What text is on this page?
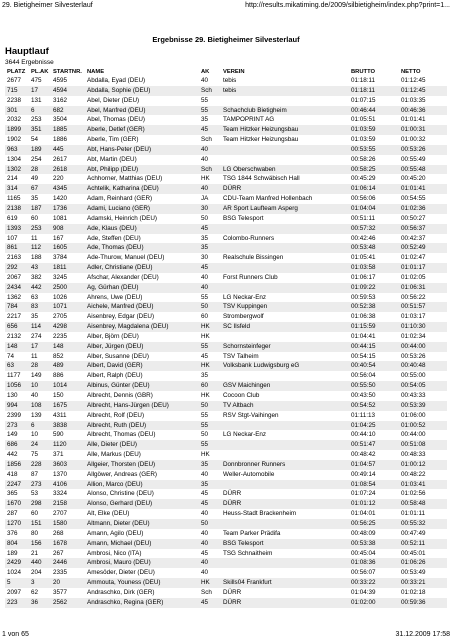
29. Bietigheimer Silvesterlauf	http://results.mikatiming.de/2009/silbietigheim/index.php?print=1...
Ergebnisse 29. Bietigheimer Silvesterlauf
Hauptlauf
3644 Ergebnisse
PLATZ	PL.AK	STARTNR.	NAME	AK	VEREIN	BRUTTO	NETTO
2677	475	4595	Abdalla, Eyad (DEU)	40	tebis	01:18:11	01:12:45
715	17	4594	Abdalla, Sophie (DEU)	Sch	tebis	01:18:11	01:12:45
2238	131	3162	Abel, Dieter (DEU)	55		01:07:15	01:03:35
301	6	682	Abel, Manfred (DEU)	55	Schachclub Bietigheim	00:46:44	00:46:36
2032	253	3504	Abel, Thomas (DEU)	35	TAMPOPRINT AG	01:05:51	01:01:41
1899	351	1885	Aberle, Detlef (GER)	45	Team Hitzker Heizungsbau	01:03:59	01:00:31
1902	54	1886	Aberle, Tim (GER)	Sch	Team Hitzker Heizungsbau	01:03:59	01:00:32
963	189	445	Abt, Hans-Peter (DEU)	40		00:53:55	00:53:26
1304	254	2617	Abt, Martin (DEU)	40		00:58:26	00:55:49
1302	28	2618	Abt, Philipp (DEU)	Sch	LG Oberschwaben	00:58:25	00:55:48
214	49	220	Achhorner, Matthias (DEU)	HK	TSG 1844 Schwäbisch Hall	00:45:29	00:45:20
314	67	4345	Achtelik, Katharina (DEU)	40	DÜRR	01:06:14	01:01:41
1165	35	1420	Adam, Reinhard (GER)	JA	CDU-Team Manfred Hollenbach	00:56:06	00:54:55
2138	187	1736	Adami, Luciano (GER)	30	AR Sport Laufteam Asperg	01:04:04	01:02:36
619	60	1081	Adamski, Heinrich (DEU)	50	BSG Telesport	00:51:11	00:50:27
1393	253	908	Ade, Klaus (DEU)	45		00:57:32	00:56:37
107	11	167	Ade, Steffen (DEU)	35	Colombo-Runners	00:42:46	00:42:37
861	112	1605	Ade, Thomas (DEU)	35		00:53:48	00:52:49
2163	188	3784	Ade-Thurow, Manuel (DEU)	30	Realschule Bissingen	01:05:41	01:02:47
292	43	1811	Adler, Christiane (DEU)	45		01:03:58	01:01:17
2067	382	3245	Afschar, Alexander (DEU)	40	Forst Runners Club	01:06:17	01:02:05
2434	442	2500	Ag, Gürhan (DEU)	40		01:09:22	01:06:31
1362	63	1026	Ahrens, Uwe (DEU)	55	LG Neckar-Enz	00:59:53	00:56:22
784	83	1071	Aichele, Manfred (DEU)	50	TSV Kuppingen	00:52:38	00:51:57
2217	35	2705	Aisenbrey, Edgar (DEU)	60	Strombergwolf	01:06:38	01:03:17
656	114	4298	Aisenbrey, Magdalena (DEU)	HK	SC Ilsfeld	01:15:59	01:10:30
2132	274	2235	Alber, Björn (DEU)	HK		01:04:41	01:02:34
148	17	148	Alber, Jürgen (DEU)	55	Schornsteinfeger	00:44:15	00:44:00
74	11	852	Alber, Susanne (DEU)	45	TSV Talheim	00:54:15	00:53:26
63	28	489	Albert, David (GER)	HK	Volksbank Ludwigsburg eG	00:40:54	00:40:48
1177	149	886	Albert, Ralph (DEU)	35		00:56:04	00:55:00
1056	10	1014	Albinus, Günter (DEU)	60	GSV Maichingen	00:55:50	00:54:05
130	40	150	Albrecht, Dennis (GBR)	HK	Cocoon Club	00:43:50	00:43:33
994	108	1675	Albrecht, Hans-Jürgen (DEU)	50	TV Altbach	00:54:52	00:53:39
2399	139	4311	Albrecht, Rolf (DEU)	55	RSV Stgt-Vaihingen	01:11:13	01:06:00
273	6	3838	Albrecht, Ruth (DEU)	55		01:04:25	01:00:52
149	10	590	Albrecht, Thomas (DEU)	50	LG Neckar-Enz	00:44:10	00:44:00
686	24	1120	Alle, Dieter (DEU)	55		00:51:47	00:51:08
442	75	371	Alle, Markus (DEU)	HK		00:48:42	00:48:33
1856	228	3603	Allgeier, Thorsten (DEU)	35	Donnbronner Runners	01:04:57	01:00:12
418	87	1370	Allgöwer, Andreas (GER)	40	Weller-Automobile	00:49:14	00:48:22
2247	273	4106	Allion, Marco (DEU)	35		01:08:54	01:03:41
365	53	3324	Alonso, Christine (DEU)	45	DÜRR	01:07:24	01:02:56
1670	298	2158	Alonso, Gerhard (DEU)	45	DÜRR	01:01:12	00:58:48
287	60	2707	Alt, Elke (DEU)	40	Heuss-Stadt Brackenheim	01:04:01	01:01:11
1270	151	1580	Altmann, Dieter (DEU)	50		00:56:25	00:55:32
376	80	268	Amann, Agilo (DEU)	40	Team Parker Prädifa	00:48:09	00:47:49
804	156	1678	Amann, Michael (DEU)	40	BSG Telesport	00:53:38	00:52:11
189	21	267	Ambrosi, Nico (ITA)	45	TSG Schnaitheim	00:45:04	00:45:01
2429	440	2446	Ambrosi, Mauro (DEU)	40		01:08:36	01:06:26
1024	204	2335	Amesöder, Dieter (DEU)	40		00:56:07	00:53:49
5	3	20	Ammouta, Youness (DEU)	HK	Skills04 Frankfurt	00:33:22	00:33:21
2097	62	3577	Andraschko, Dirk (GER)	Sch	DÜRR	01:04:39	01:02:18
223	36	2562	Andraschko, Regina (GER)	45	DÜRR	01:02:00	00:59:36
1 von 65	31.12.2009 17:58
